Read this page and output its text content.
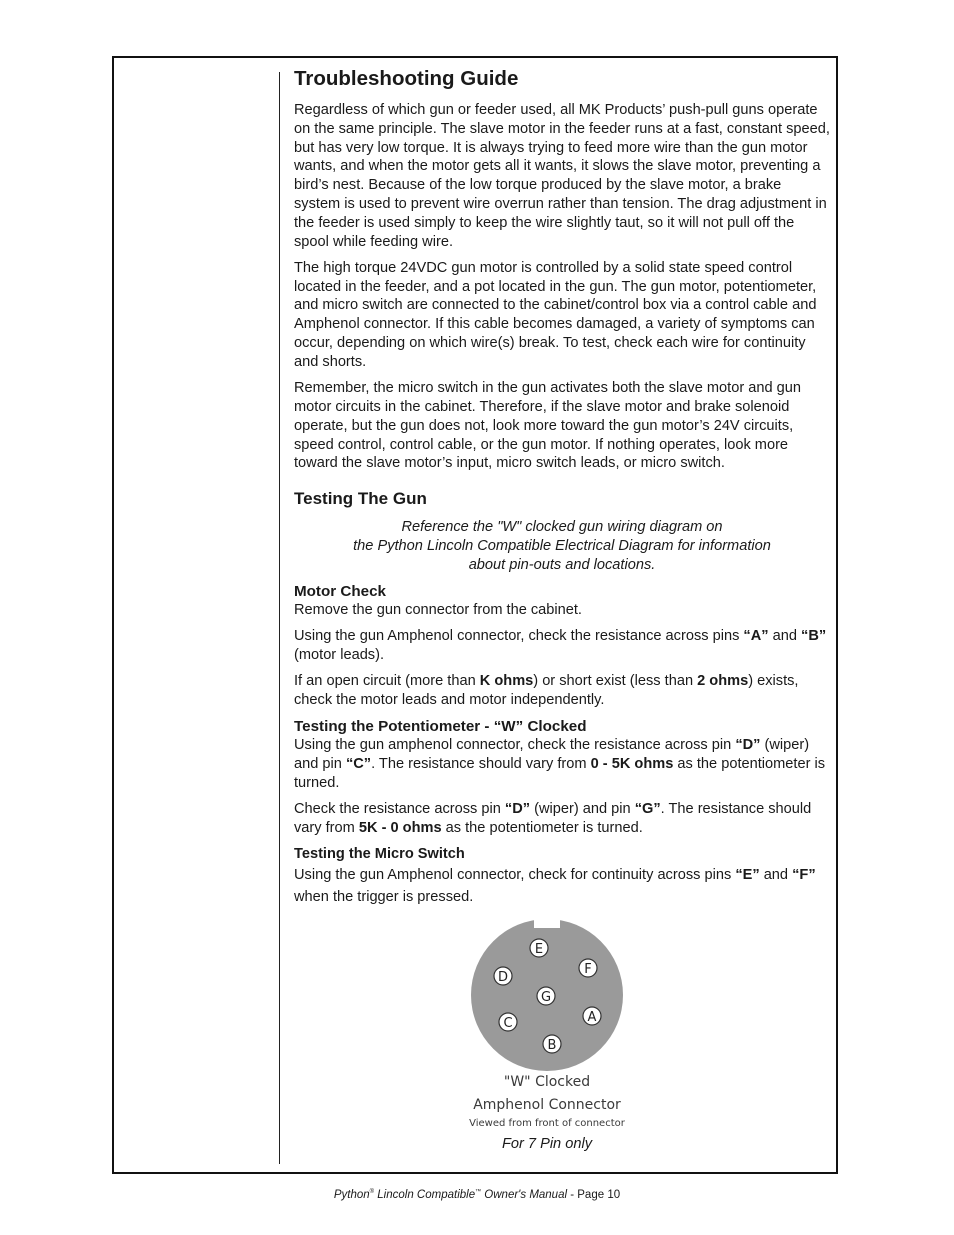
Troubleshooting Guide

Regardless of which gun or feeder used, all MK Products’ push-pull guns operate on the same principle. The slave motor in the feeder runs at a fast, constant speed, but has very low torque. It is always trying to feed more wire than the gun motor wants, and when the motor gets all it wants, it slows the slave motor, preventing a bird’s nest. Because of the low torque produced by the slave motor, a brake system is used to prevent wire overrun rather than tension. The drag adjustment in the feeder is used simply to keep the wire slightly taut, so it will not pull off the spool while feeding wire.

The high torque 24VDC gun motor is controlled by a solid state speed control located in the feeder, and a pot located in the gun. The gun motor, potentiometer, and micro switch are connected to the cabinet/control box via a control cable and Amphenol connector. If this cable becomes damaged, a variety of symptoms can occur, depending on which wire(s) break. To test, check each wire for continuity and shorts.

Remember, the micro switch in the gun activates both the slave motor and gun motor circuits in the cabinet. Therefore, if the slave motor and brake solenoid operate, but the gun does not, look more toward the gun motor’s 24V circuits, speed control, control cable, or the gun motor. If nothing operates, look more toward the slave motor’s input, micro switch leads, or micro switch.

Testing The Gun
Reference the "W" clocked gun wiring diagram on
the Python Lincoln Compatible Electrical Diagram for information
about pin-outs and locations.
Motor Check

Remove the gun connector from the cabinet.

Using the gun Amphenol connector, check the resistance across pins “A” and “B” (motor leads).

If an open circuit (more than K ohms) or short exist (less than 2 ohms) exists, check the motor leads and motor independently.

Testing the Potentiometer - “W” Clocked

Using the gun amphenol connector, check the resistance across pin “D” (wiper) and pin “C”. The resistance should vary from 0 - 5K ohms as the potentiometer is turned.

Check the resistance across pin “D” (wiper) and pin “G”. The resistance should vary from 5K - 0 ohms as the potentiometer is turned.

Testing the Micro Switch

Using the gun Amphenol connector, check for continuity across pins “E” and “F” when the trigger is pressed.

E
F
D
G
A
C
B
"W" Clocked
Amphenol Connector
Viewed from front of connector
For 7 Pin only
Python® Lincoln Compatible™ Owner's Manual - Page 10
